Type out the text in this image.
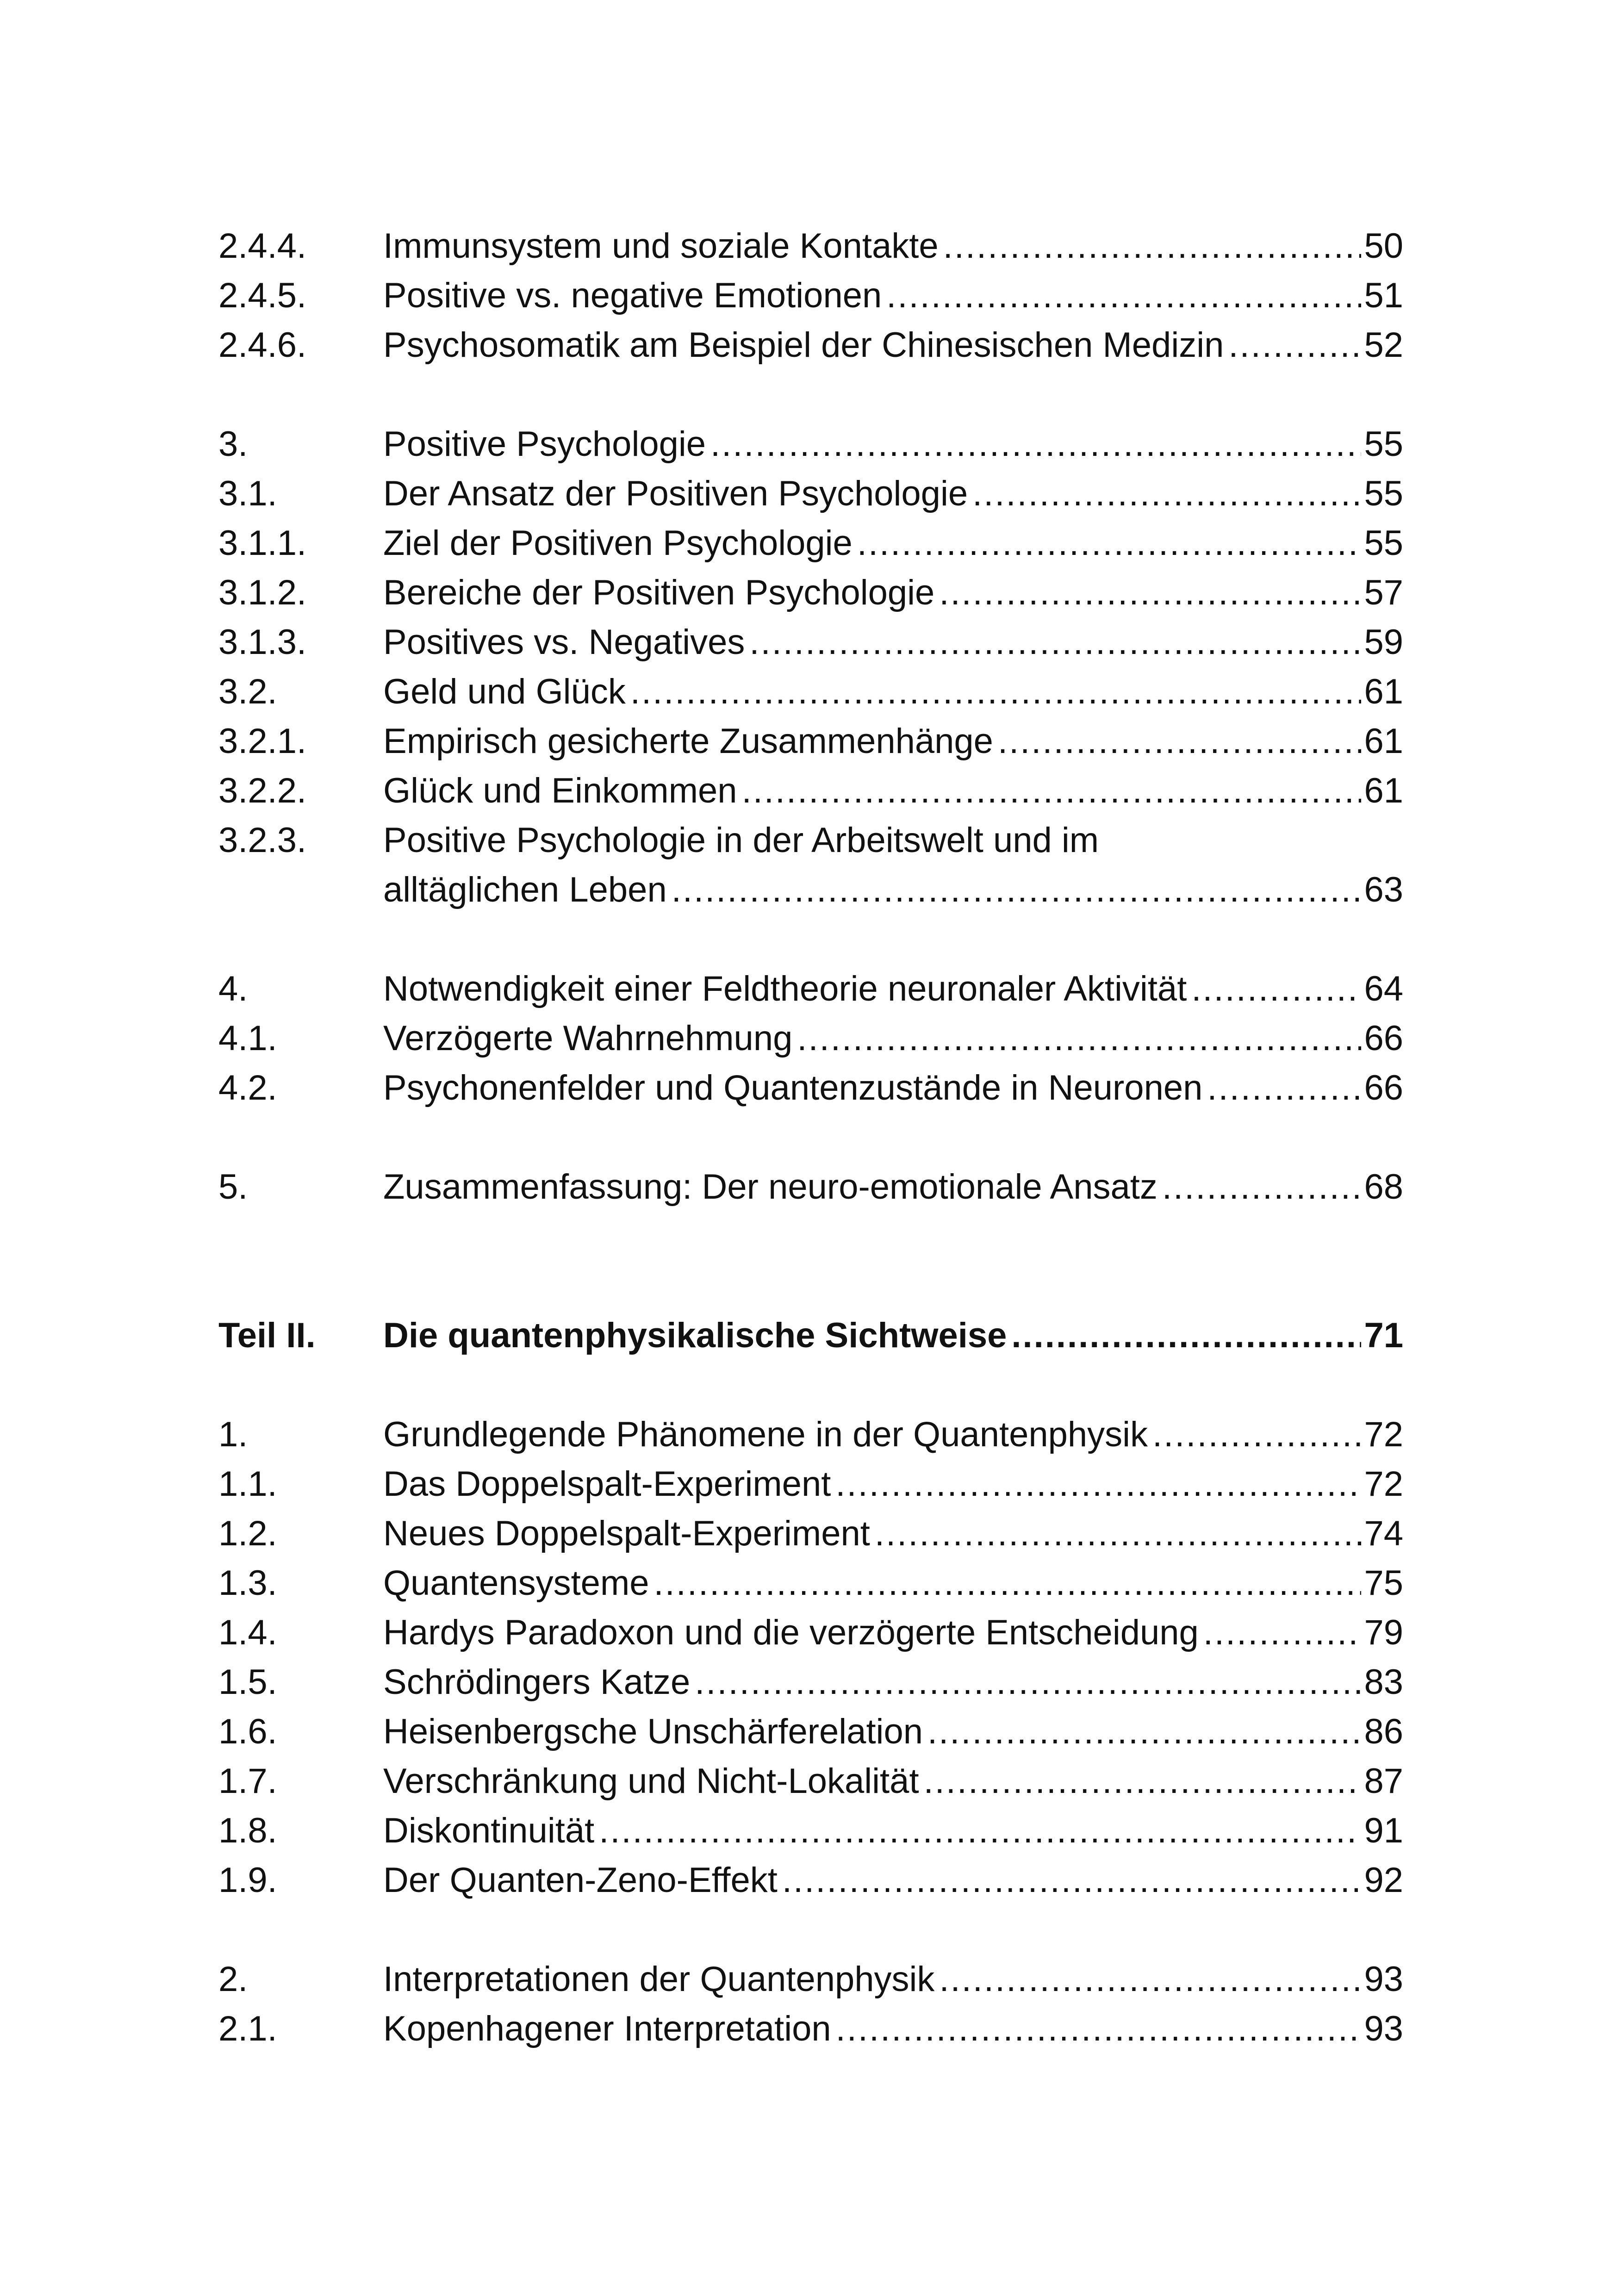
2.4.4.	Immunsystem und soziale Kontakte .....	50
2.4.5.	Positive vs. negative Emotionen .....	51
2.4.6.	Psychosomatik am Beispiel der Chinesischen Medizin .....	52
3.	Positive Psychologie .....	55
3.1.	Der Ansatz der Positiven Psychologie .....	55
3.1.1.	Ziel der Positiven Psychologie .....	55
3.1.2.	Bereiche der Positiven Psychologie .....	57
3.1.3.	Positives vs. Negatives .....	59
3.2.	Geld und Glück .....	61
3.2.1.	Empirisch gesicherte Zusammenhänge .....	61
3.2.2.	Glück und Einkommen .....	61
3.2.3.	Positive Psychologie in der Arbeitswelt und im
alltäglichen Leben .....	63
4.	Notwendigkeit einer Feldtheorie neuronaler Aktivität .....	64
4.1.	Verzögerte Wahrnehmung .....	66
4.2.	Psychonenfelder und Quantenzustände in Neuronen .....	66
5.	Zusammenfassung: Der neuro-emotionale Ansatz .....	68
Teil II.	Die quantenphysikalische Sichtweise .....	71
1.	Grundlegende Phänomene in der Quantenphysik .....	72
1.1.	Das Doppelspalt-Experiment .....	72
1.2.	Neues Doppelspalt-Experiment .....	74
1.3.	Quantensysteme .....	75
1.4.	Hardys Paradoxon und die verzögerte Entscheidung .....	79
1.5.	Schrödingers Katze .....	83
1.6.	Heisenbergsche Unschärferelation .....	86
1.7.	Verschränkung und Nicht-Lokalität .....	87
1.8.	Diskontinuität .....	91
1.9.	Der Quanten-Zeno-Effekt .....	92
2.	Interpretationen der Quantenphysik .....	93
2.1.	Kopenhagener Interpretation .....	93
